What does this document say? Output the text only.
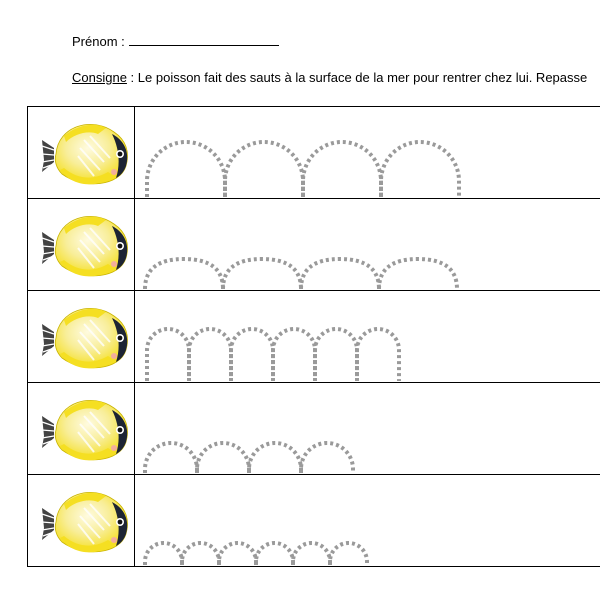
Prénom :
Consigne : Le poisson fait des sauts à la surface de la mer pour rentrer chez lui. Repasse
